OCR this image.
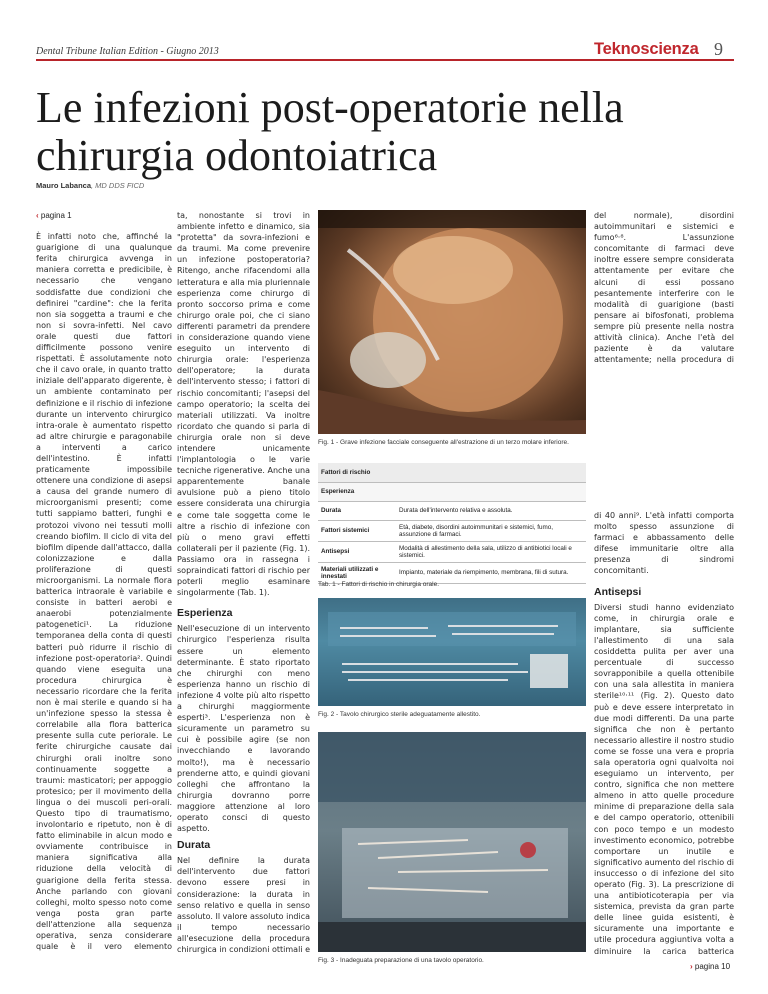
Dental Tribune Italian Edition - Giugno 2013	Teknoscienza 9
Le infezioni post-operatorie nella chirurgia odontoiatrica
Mauro Labanca, MD DDS FICD
‹ pagina 1

È infatti noto che, affinché la guarigione di una qualunque ferita chirurgica avvenga in maniera corretta e predicibile, è necessario che vengano soddisfatte due condizioni che definirei "cardine": che la ferita non sia soggetta a traumi e che non si sovra-infetti. Nel cavo orale questi due fattori difficilmente possono venire rispettati. È assolutamente noto che il cavo orale, in quanto tratto iniziale dell'apparato digerente, è un ambiente contaminato per definizione e il rischio di infezione durante un intervento chirurgico intra-orale è aumentato rispetto ad altre chirurgie e paragonabile a interventi a carico dell'intestino. È infatti praticamente impossibile ottenere una condizione di asepsi a causa del grande numero di microorganismi presenti; come tutti sappiamo batteri, funghi e protozoi vivono nei tessuti molli creando biofilm. Il ciclo di vita del biofilm dipende dall'attacco, dalla colonizzazione e dalla proliferazione di questi microorganismi. La normale flora batterica intraorale è variabile e consiste in batteri aerobi e anaerobi potenzialmente patogenetici¹. La riduzione temporanea della conta di questi batteri può ridurre il rischio di infezione post-operatoria². Quindi quando viene eseguita una procedura chirurgica è necessario ricordare che la ferita non è mai sterile e quando si ha un'infezione spesso la stessa è correlabile alla flora batterica presente sulla cute periorale. Le ferite chirurgiche causate dai chirurghi orali inoltre sono continuamente soggette a traumi: masticatori; per appoggio protesico; per il movimento della lingua o dei muscoli peri-orali. Questo tipo di traumatismo, involontario e ripetuto, non è di fatto eliminabile in alcun modo e ovviamente contribuisce in maniera significativa alla riduzione della velocità di guarigione della ferita stessa. Anche parlando con giovani colleghi, molto spesso noto come venga posta gran parte dell'attenzione alla sequenza operativa, senza considerare quale è il vero elemento

ta, nonostante si trovi in ambiente infetto e dinamico, sia "protetta" da sovra-infezioni e da traumi. Ma come prevenire un infezione postoperatoria? Ritengo, anche rifacendomi alla letteratura e alla mia pluriennale esperienza come chirurgo di pronto soccorso prima e come chirurgo orale poi, che ci siano differenti parametri da prendere in considerazione quando viene eseguito un intervento di chirurgia orale: l'esperienza dell'operatore; la durata dell'intervento stesso; i fattori di rischio concomitanti; l'asepsi del campo operatorio; la scelta dei materiali utilizzati. Va inoltre ricordato che quando si parla di chirurgia orale non si deve intendere unicamente l'implantologia o le varie tecniche rigenerative. Anche una apparentemente banale avulsione può a pieno titolo essere considerata una chirurgia e come tale soggetta come le altre a rischio di infezione con più o meno gravi effetti collaterali per il paziente (Fig. 1). Passiamo ora in rassegna i sopraindicati fattori di rischio per poterli meglio esaminare singolarmente (Tab. 1).

Esperienza

Nell'esecuzione di un intervento chirurgico l'esperienza risulta essere un elemento determinante. È stato riportato che chirurghi con meno esperienza hanno un rischio di infezione 4 volte più alto rispetto a chirurghi maggiormente esperti³. L'esperienza non è sicuramente un parametro su cui è possibile agire (se non invecchiando e lavorando molto!), ma è necessario prenderne atto, e quindi giovani colleghi che affrontano la chirurgia dovranno porre maggiore attenzione al loro operato consci di questo aspetto.

Durata

Nel definire la durata dell'intervento due fattori devono essere presi in considerazione: la durata in senso relativo e quella in senso assoluto. Il valore assoluto indica il tempo necessario all'esecuzione della procedura chirurgica in condizioni ottimali e

Fig. 1 - Grave infezione facciale conseguente all'estrazione di un terzo molare inferiore.
Fattori di rischio	
Esperienza	
Durata	Durata dell'intervento relativa e assoluta.
Fattori sistemici	Età, diabete, disordini autoimmunitari e sistemici, fumo, assunzione di farmaci.
Antisepsi	Modalità di allestimento della sala, utilizzo di antibiotici locali e sistemici.
Materiali utilizzati e innestati	Impianto, materiale da riempimento, membrana, fili di sutura.
Tab. 1 - Fattori di rischio in chirurgia orale.
Fig. 2 - Tavolo chirurgico sterile adeguatamente allestito.
Fig. 3 - Inadeguata preparazione di una tavolo operatorio.

del normale), disordini autoimmunitari e sistemici e fumo⁶·⁸. L'assunzione concomitante di farmaci deve inoltre essere sempre considerata attentamente per evitare che alcuni di essi possano pesantemente interferire con le modalità di guarigione (basti pensare ai bifosfonati, problema sempre più presente nella nostra attività clinica). Anche l'età del paziente è da valutare attentamente; nella procedura di

di 40 anni⁹. L'età infatti comporta molto spesso assunzione di farmaci e abbassamento delle difese immunitarie oltre alla presenza di sindromi concomitanti.

Antisepsi

Diversi studi hanno evidenziato come, in chirurgia orale e implantare, sia sufficiente l'allestimento di una sala cosiddetta pulita per aver una percentuale di successo sovrapponibile a quella ottenibile con una sala allestita in maniera sterile¹⁰·¹¹ (Fig. 2). Questo dato può e deve essere interpretato in due modi differenti. Da una parte significa che non è pertanto necessario allestire il nostro studio come se fosse una vera e propria sala operatoria ogni qualvolta noi eseguiamo un intervento, per contro, significa che non mettere almeno in atto quelle procedure minime di preparazione della sala e del campo operatorio, ottenibili con poco tempo e un modesto investimento economico, potrebbe comportare un inutile e significativo aumento del rischio di insuccesso o di infezione del sito operato (Fig. 3). La prescrizione di una antibioticoterapia per via sistemica, prevista da gran parte delle linee guida esistenti, è sicuramente una importante e utile procedura aggiuntiva volta a diminuire la carica batterica

› pagina 10
